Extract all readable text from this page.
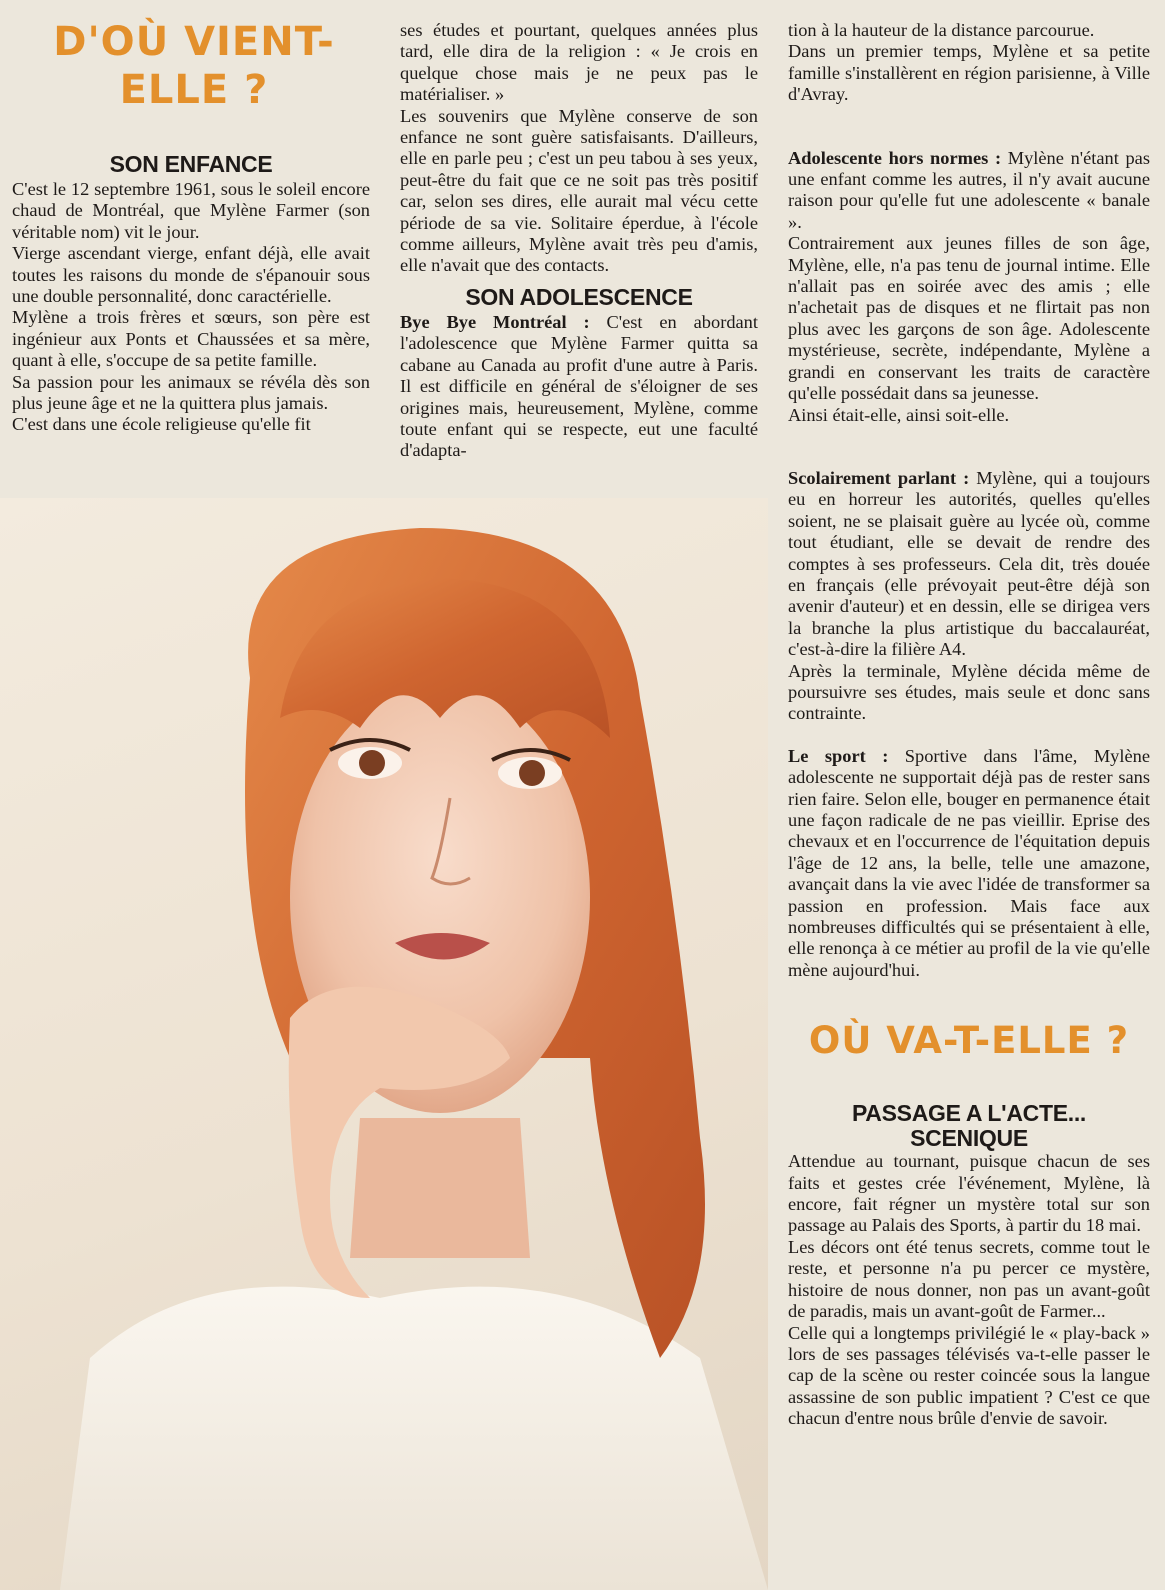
D'OÙ VIENT-
ELLE ?
SON ENFANCE

C'est le 12 septembre 1961, sous le soleil encore chaud de Montréal, que Mylène Farmer (son véritable nom) vit le jour.

Vierge ascendant vierge, enfant déjà, elle avait toutes les raisons du monde de s'épanouir sous une double personnalité, donc caractérielle.

Mylène a trois frères et sœurs, son père est ingénieur aux Ponts et Chaussées et sa mère, quant à elle, s'occupe de sa petite famille.

Sa passion pour les animaux se révéla dès son plus jeune âge et ne la quittera plus jamais.

C'est dans une école religieuse qu'elle fit

ses études et pourtant, quelques années plus tard, elle dira de la religion : « Je crois en quelque chose mais je ne peux pas le matérialiser. »

Les souvenirs que Mylène conserve de son enfance ne sont guère satisfaisants. D'ailleurs, elle en parle peu ; c'est un peu tabou à ses yeux, peut-être du fait que ce ne soit pas très positif car, selon ses dires, elle aurait mal vécu cette période de sa vie. Solitaire éperdue, à l'école comme ailleurs, Mylène avait très peu d'amis, elle n'avait que des contacts.

SON ADOLESCENCE

Bye Bye Montréal : C'est en abordant l'adolescence que Mylène Farmer quitta sa cabane au Canada au profit d'une autre à Paris. Il est difficile en général de s'éloigner de ses origines mais, heureusement, Mylène, comme toute enfant qui se respecte, eut une faculté d'adapta-

tion à la hauteur de la distance parcourue.

Dans un premier temps, Mylène et sa petite famille s'installèrent en région parisienne, à Ville d'Avray.

Adolescente hors normes : Mylène n'étant pas une enfant comme les autres, il n'y avait aucune raison pour qu'elle fut une adolescente « banale ».

Contrairement aux jeunes filles de son âge, Mylène, elle, n'a pas tenu de journal intime. Elle n'allait pas en soirée avec des amis ; elle n'achetait pas de disques et ne flirtait pas non plus avec les garçons de son âge. Adolescente mystérieuse, secrète, indépendante, Mylène a grandi en conservant les traits de caractère qu'elle possédait dans sa jeunesse.

Ainsi était-elle, ainsi soit-elle.

Scolairement parlant : Mylène, qui a toujours eu en horreur les autorités, quelles qu'elles soient, ne se plaisait guère au lycée où, comme tout étudiant, elle se devait de rendre des comptes à ses professeurs. Cela dit, très douée en français (elle prévoyait peut-être déjà son avenir d'auteur) et en dessin, elle se dirigea vers la branche la plus artistique du baccalauréat, c'est-à-dire la filière A4.

Après la terminale, Mylène décida même de poursuivre ses études, mais seule et donc sans contrainte.

Le sport : Sportive dans l'âme, Mylène adolescente ne supportait déjà pas de rester sans rien faire. Selon elle, bouger en permanence était une façon radicale de ne pas vieillir. Eprise des chevaux et en l'occurrence de l'équitation depuis l'âge de 12 ans, la belle, telle une amazone, avançait dans la vie avec l'idée de transformer sa passion en profession. Mais face aux nombreuses difficultés qui se présentaient à elle, elle renonça à ce métier au profil de la vie qu'elle mène aujourd'hui.

OÙ VA-T-ELLE ?
PASSAGE A L'ACTE...
SCENIQUE

Attendue au tournant, puisque chacun de ses faits et gestes crée l'événement, Mylène, là encore, fait régner un mystère total sur son passage au Palais des Sports, à partir du 18 mai.

Les décors ont été tenus secrets, comme tout le reste, et personne n'a pu percer ce mystère, histoire de nous donner, non pas un avant-goût de paradis, mais un avant-goût de Farmer...

Celle qui a longtemps privilégié le « play-back » lors de ses passages télévisés va-t-elle passer le cap de la scène ou rester coincée sous la langue assassine de son public impatient ? C'est ce que chacun d'entre nous brûle d'envie de savoir.
